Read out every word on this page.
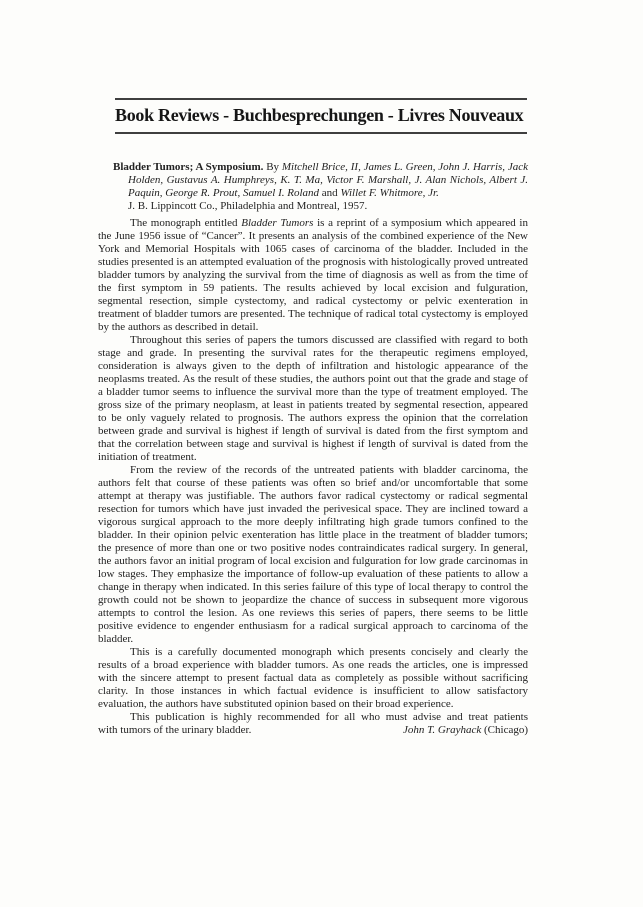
Book Reviews - Buchbesprechungen - Livres Nouveaux
Bladder Tumors; A Symposium. By Mitchell Brice, II, James L. Green, John J. Harris, Jack Holden, Gustavus A. Humphreys, K. T. Ma, Victor F. Marshall, J. Alan Nichols, Albert J. Paquin, George R. Prout, Samuel I. Roland and Willet F. Whitmore, Jr.
J. B. Lippincott Co., Philadelphia and Montreal, 1957.

The monograph entitled Bladder Tumors is a reprint of a symposium which appeared in the June 1956 issue of “Cancer”. It presents an analysis of the combined experience of the New York and Memorial Hospitals with 1065 cases of carcinoma of the bladder. Included in the studies presented is an attempted evaluation of the prognosis with histologically proved untreated bladder tumors by analyzing the survival from the time of diagnosis as well as from the time of the first symptom in 59 patients. The results achieved by local excision and fulguration, segmental resection, simple cystectomy, and radical cystectomy or pelvic exenteration in treatment of bladder tumors are presented. The technique of radical total cystectomy is employed by the authors as described in detail.

Throughout this series of papers the tumors discussed are classified with regard to both stage and grade. In presenting the survival rates for the therapeutic regimens employed, consideration is always given to the depth of infiltration and histologic appearance of the neoplasms treated. As the result of these studies, the authors point out that the grade and stage of a bladder tumor seems to influence the survival more than the type of treatment employed. The gross size of the primary neoplasm, at least in patients treated by segmental resection, appeared to be only vaguely related to prognosis. The authors express the opinion that the correlation between grade and survival is highest if length of survival is dated from the first symptom and that the correlation between stage and survival is highest if length of survival is dated from the initiation of treatment.

From the review of the records of the untreated patients with bladder carcinoma, the authors felt that course of these patients was often so brief and/or uncomfortable that some attempt at therapy was justifiable. The authors favor radical cystectomy or radical segmental resection for tumors which have just invaded the perivesical space. They are inclined toward a vigorous surgical approach to the more deeply infiltrating high grade tumors confined to the bladder. In their opinion pelvic exenteration has little place in the treatment of bladder tumors; the presence of more than one or two positive nodes contraindicates radical surgery. In general, the authors favor an initial program of local excision and fulguration for low grade carcinomas in low stages. They emphasize the importance of follow-up evaluation of these patients to allow a change in therapy when indicated. In this series failure of this type of local therapy to control the growth could not be shown to jeopardize the chance of success in subsequent more vigorous attempts to control the lesion. As one reviews this series of papers, there seems to be little positive evidence to engender enthusiasm for a radical surgical approach to carcinoma of the bladder.

This is a carefully documented monograph which presents concisely and clearly the results of a broad experience with bladder tumors. As one reads the articles, one is impressed with the sincere attempt to present factual data as completely as possible without sacrificing clarity. In those instances in which factual evidence is insufficient to allow satisfactory evaluation, the authors have substituted opinion based on their broad experience.

This publication is highly recommended for all who must advise and treat patients
with tumors of the urinary bladder.	John T. Grayhack (Chicago)
